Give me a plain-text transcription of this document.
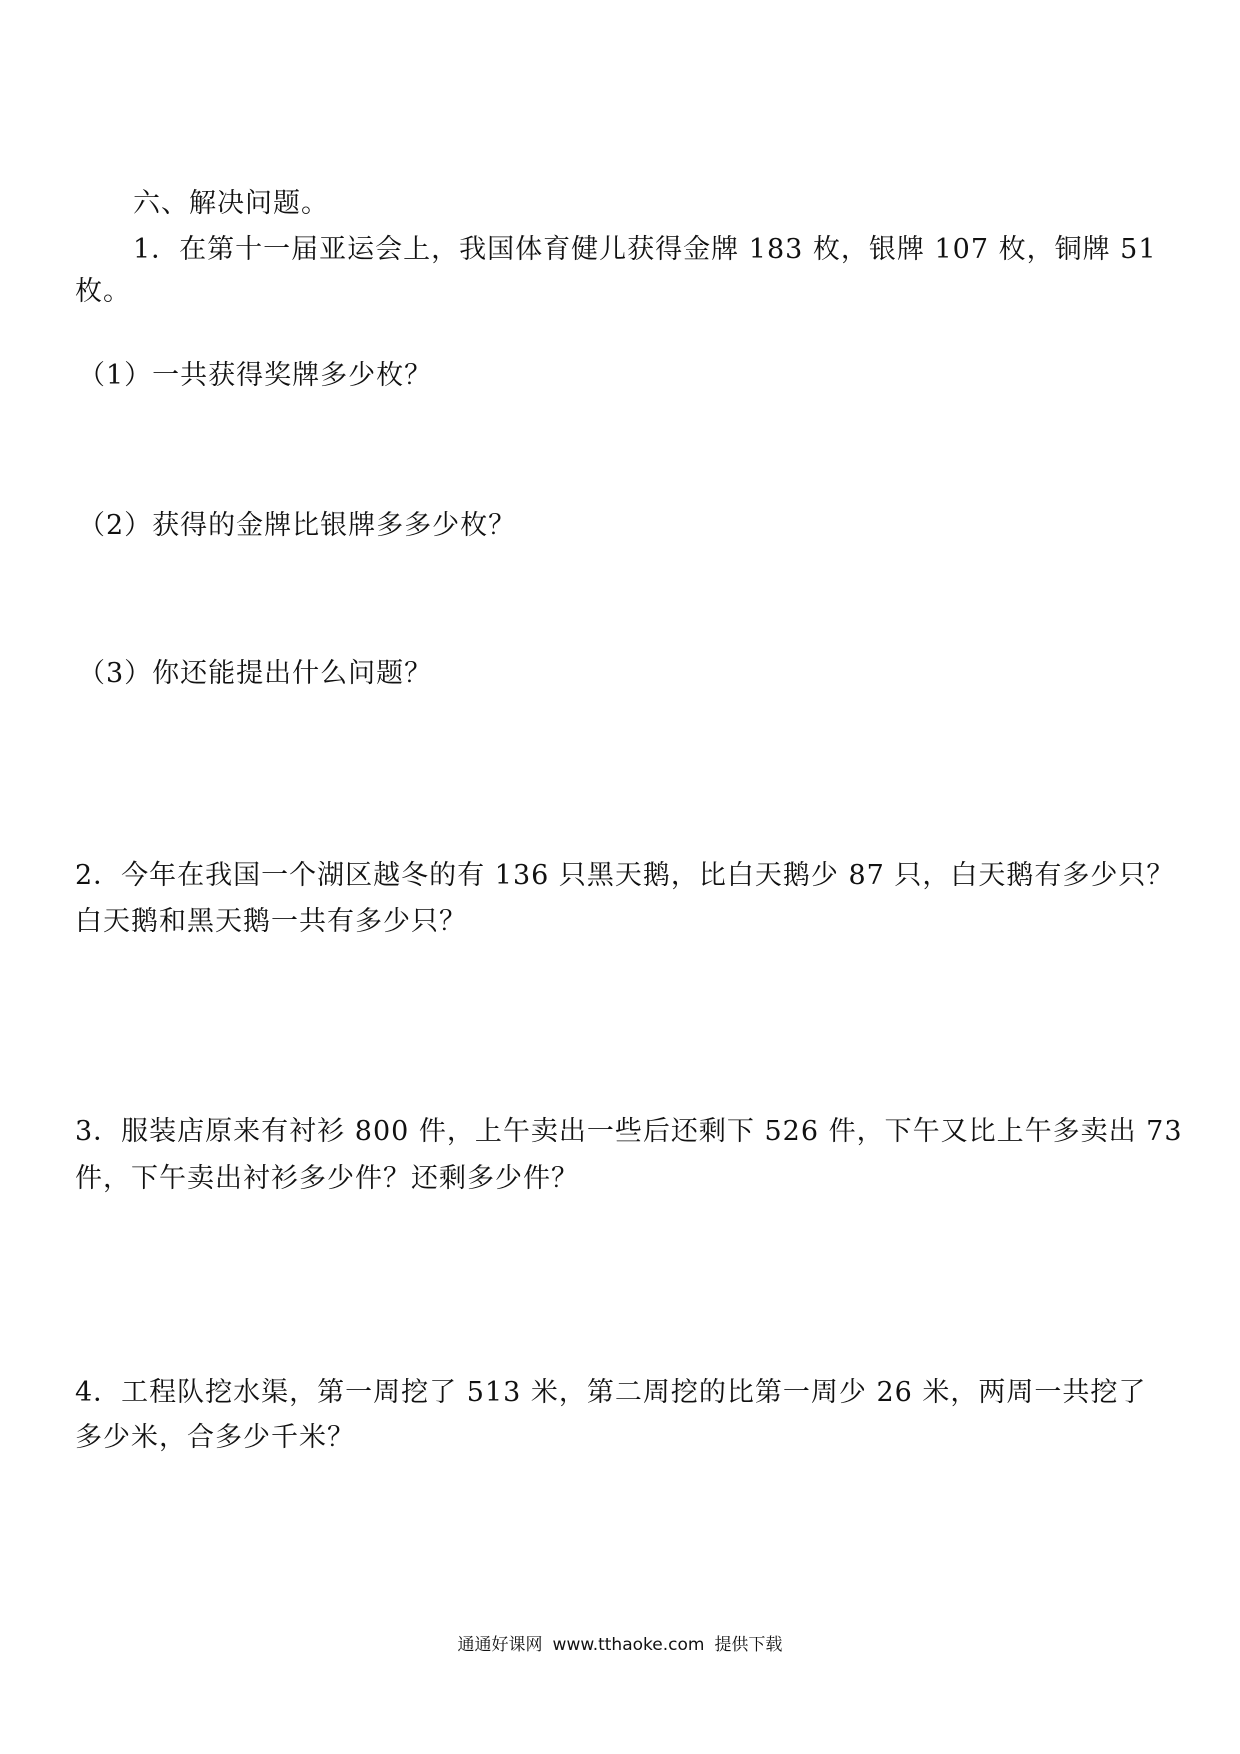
六、解决问题。
1．在第十一届亚运会上，我国体育健儿获得金牌 183 枚，银牌 107 枚，铜牌 51
枚。
（1）一共获得奖牌多少枚？
（2）获得的金牌比银牌多多少枚？
（3）你还能提出什么问题？
2．今年在我国一个湖区越冬的有 136 只黑天鹅，比白天鹅少 87 只，白天鹅有多少只？
白天鹅和黑天鹅一共有多少只？
3．服装店原来有衬衫 800 件，上午卖出一些后还剩下 526 件，下午又比上午多卖出 73
件，下午卖出衬衫多少件？还剩多少件？
4．工程队挖水渠，第一周挖了 513 米，第二周挖的比第一周少 26 米，两周一共挖了
多少米，合多少千米？
通通好课网 www.tthaoke.com 提供下载
